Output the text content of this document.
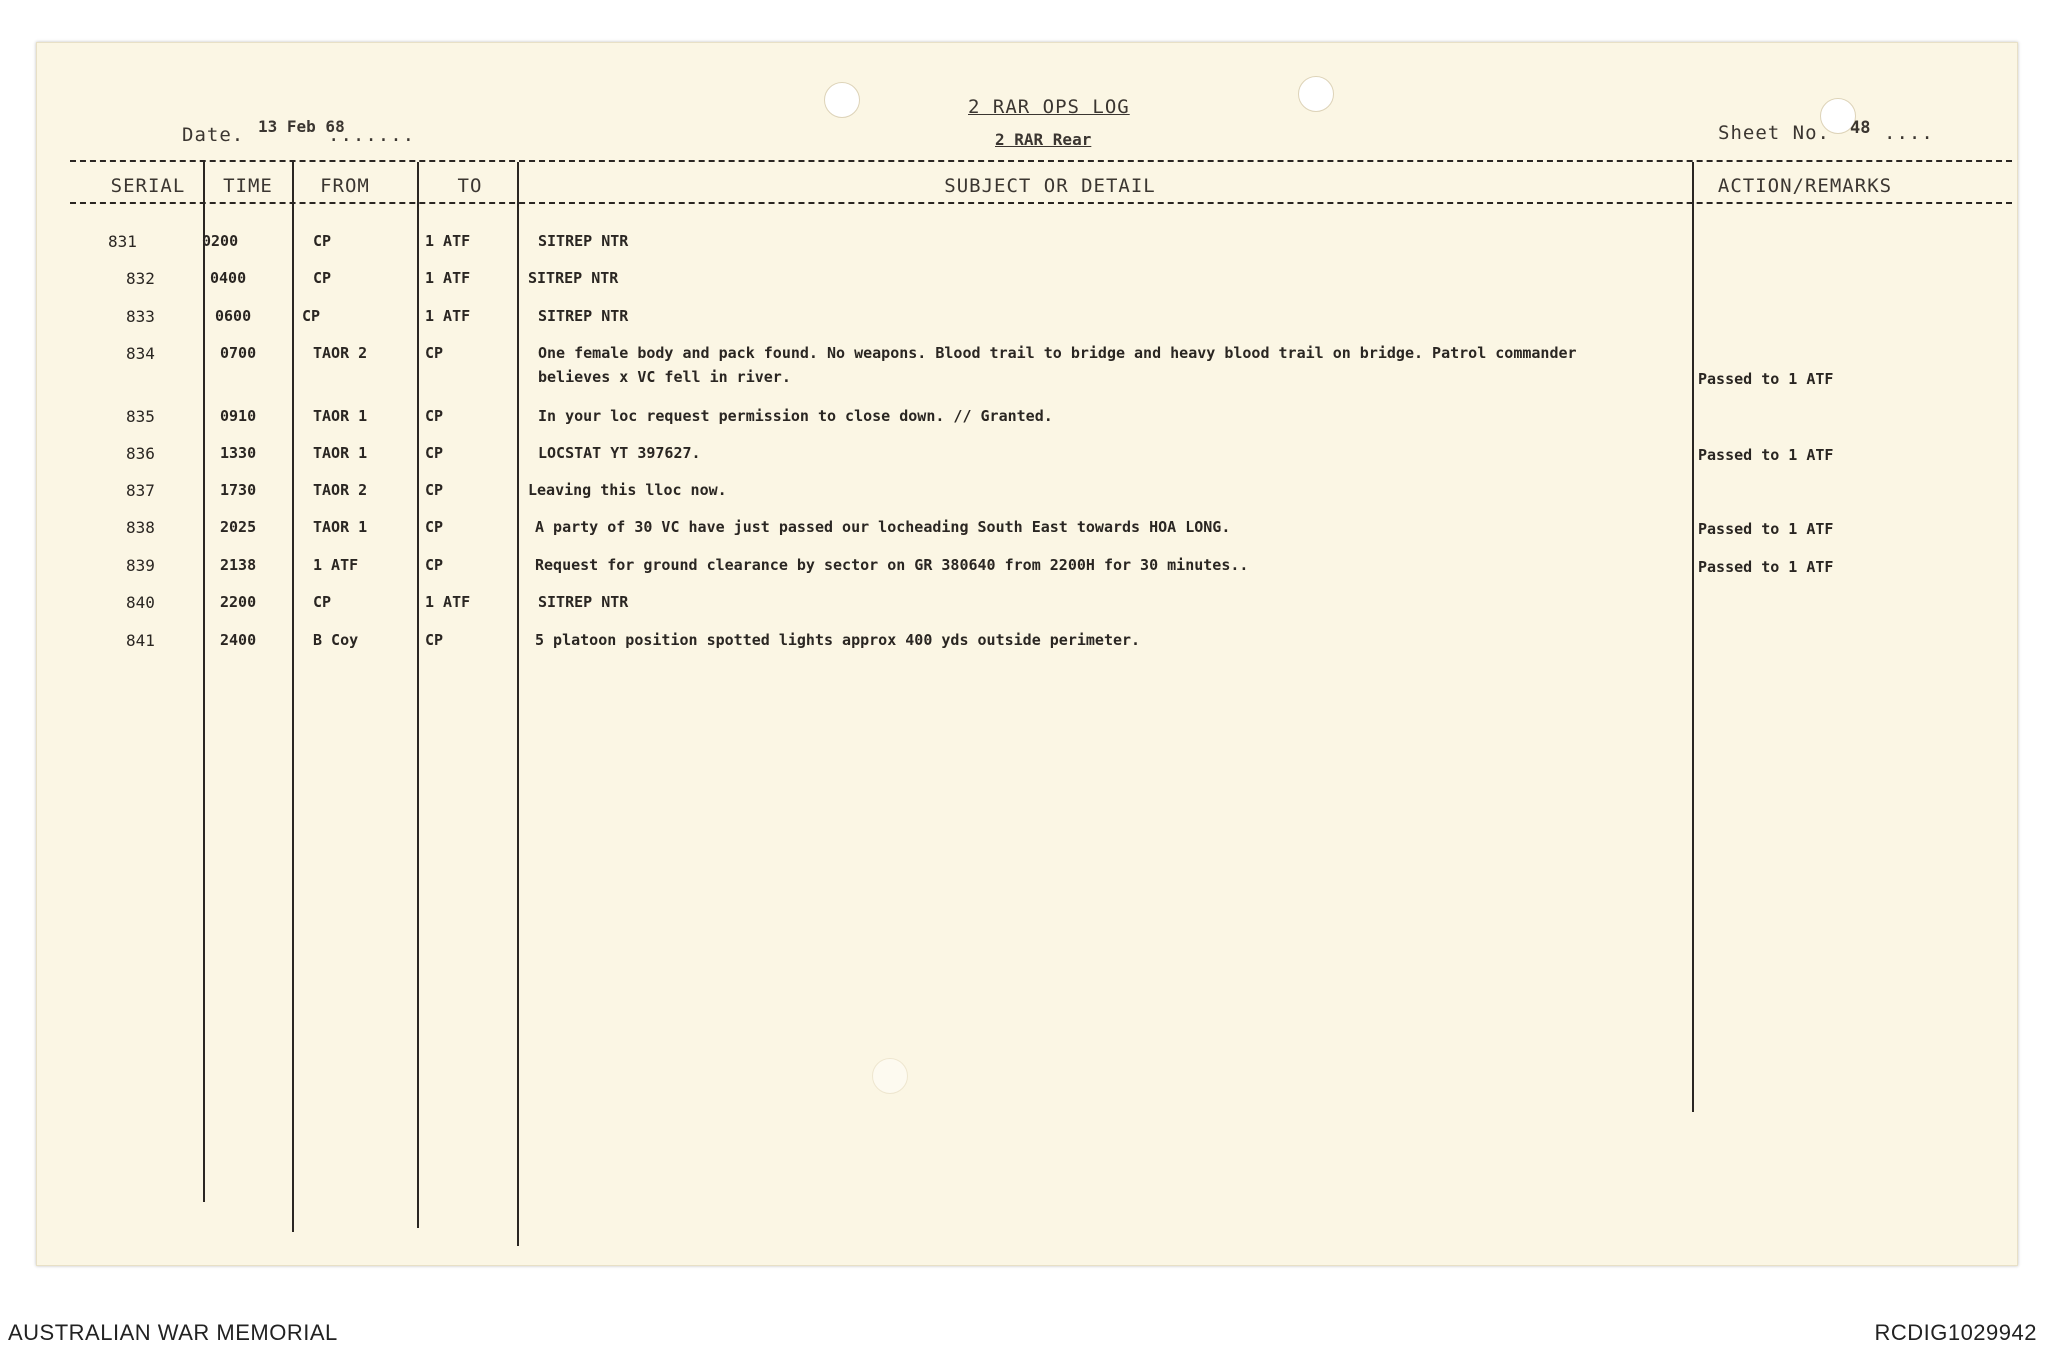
Date. 13 Feb 68
.......
2 RAR OPS LOG
2 RAR Rear	Sheet No. 48 ....
SERIAL	TIME	FROM	TO	SUBJECT OR DETAIL	ACTION/REMARKS
831	0200	CP	1 ATF	SITREP NTR
832	0400	CP	1 ATF	SITREP NTR
833	0600	CP	1 ATF	SITREP NTR
834	0700	TAOR 2	CP	One female body and pack found. No weapons. Blood trail to bridge and heavy blood trail on bridge. Patrol commander
believes x VC fell in river.	Passed to 1 ATF
835	0910	TAOR 1	CP	In your loc request permission to close down. // Granted.
836	1330	TAOR 1	CP	LOCSTAT YT 397627.	Passed to 1 ATF
837	1730	TAOR 2	CP	Leaving this lloc now.
838	2025	TAOR 1	CP	A party of 30 VC have just passed our locheading South East towards HOA LONG.	Passed to 1 ATF
839	2138	1 ATF	CP	Request for ground clearance by sector on GR 380640 from 2200H for 30 minutes..	Passed to 1 ATF
840	2200	CP	1 ATF	SITREP NTR
841	2400	B Coy	CP	5 platoon position spotted lights approx 400 yds outside perimeter.
AUSTRALIAN WAR MEMORIAL	RCDIG1029942
